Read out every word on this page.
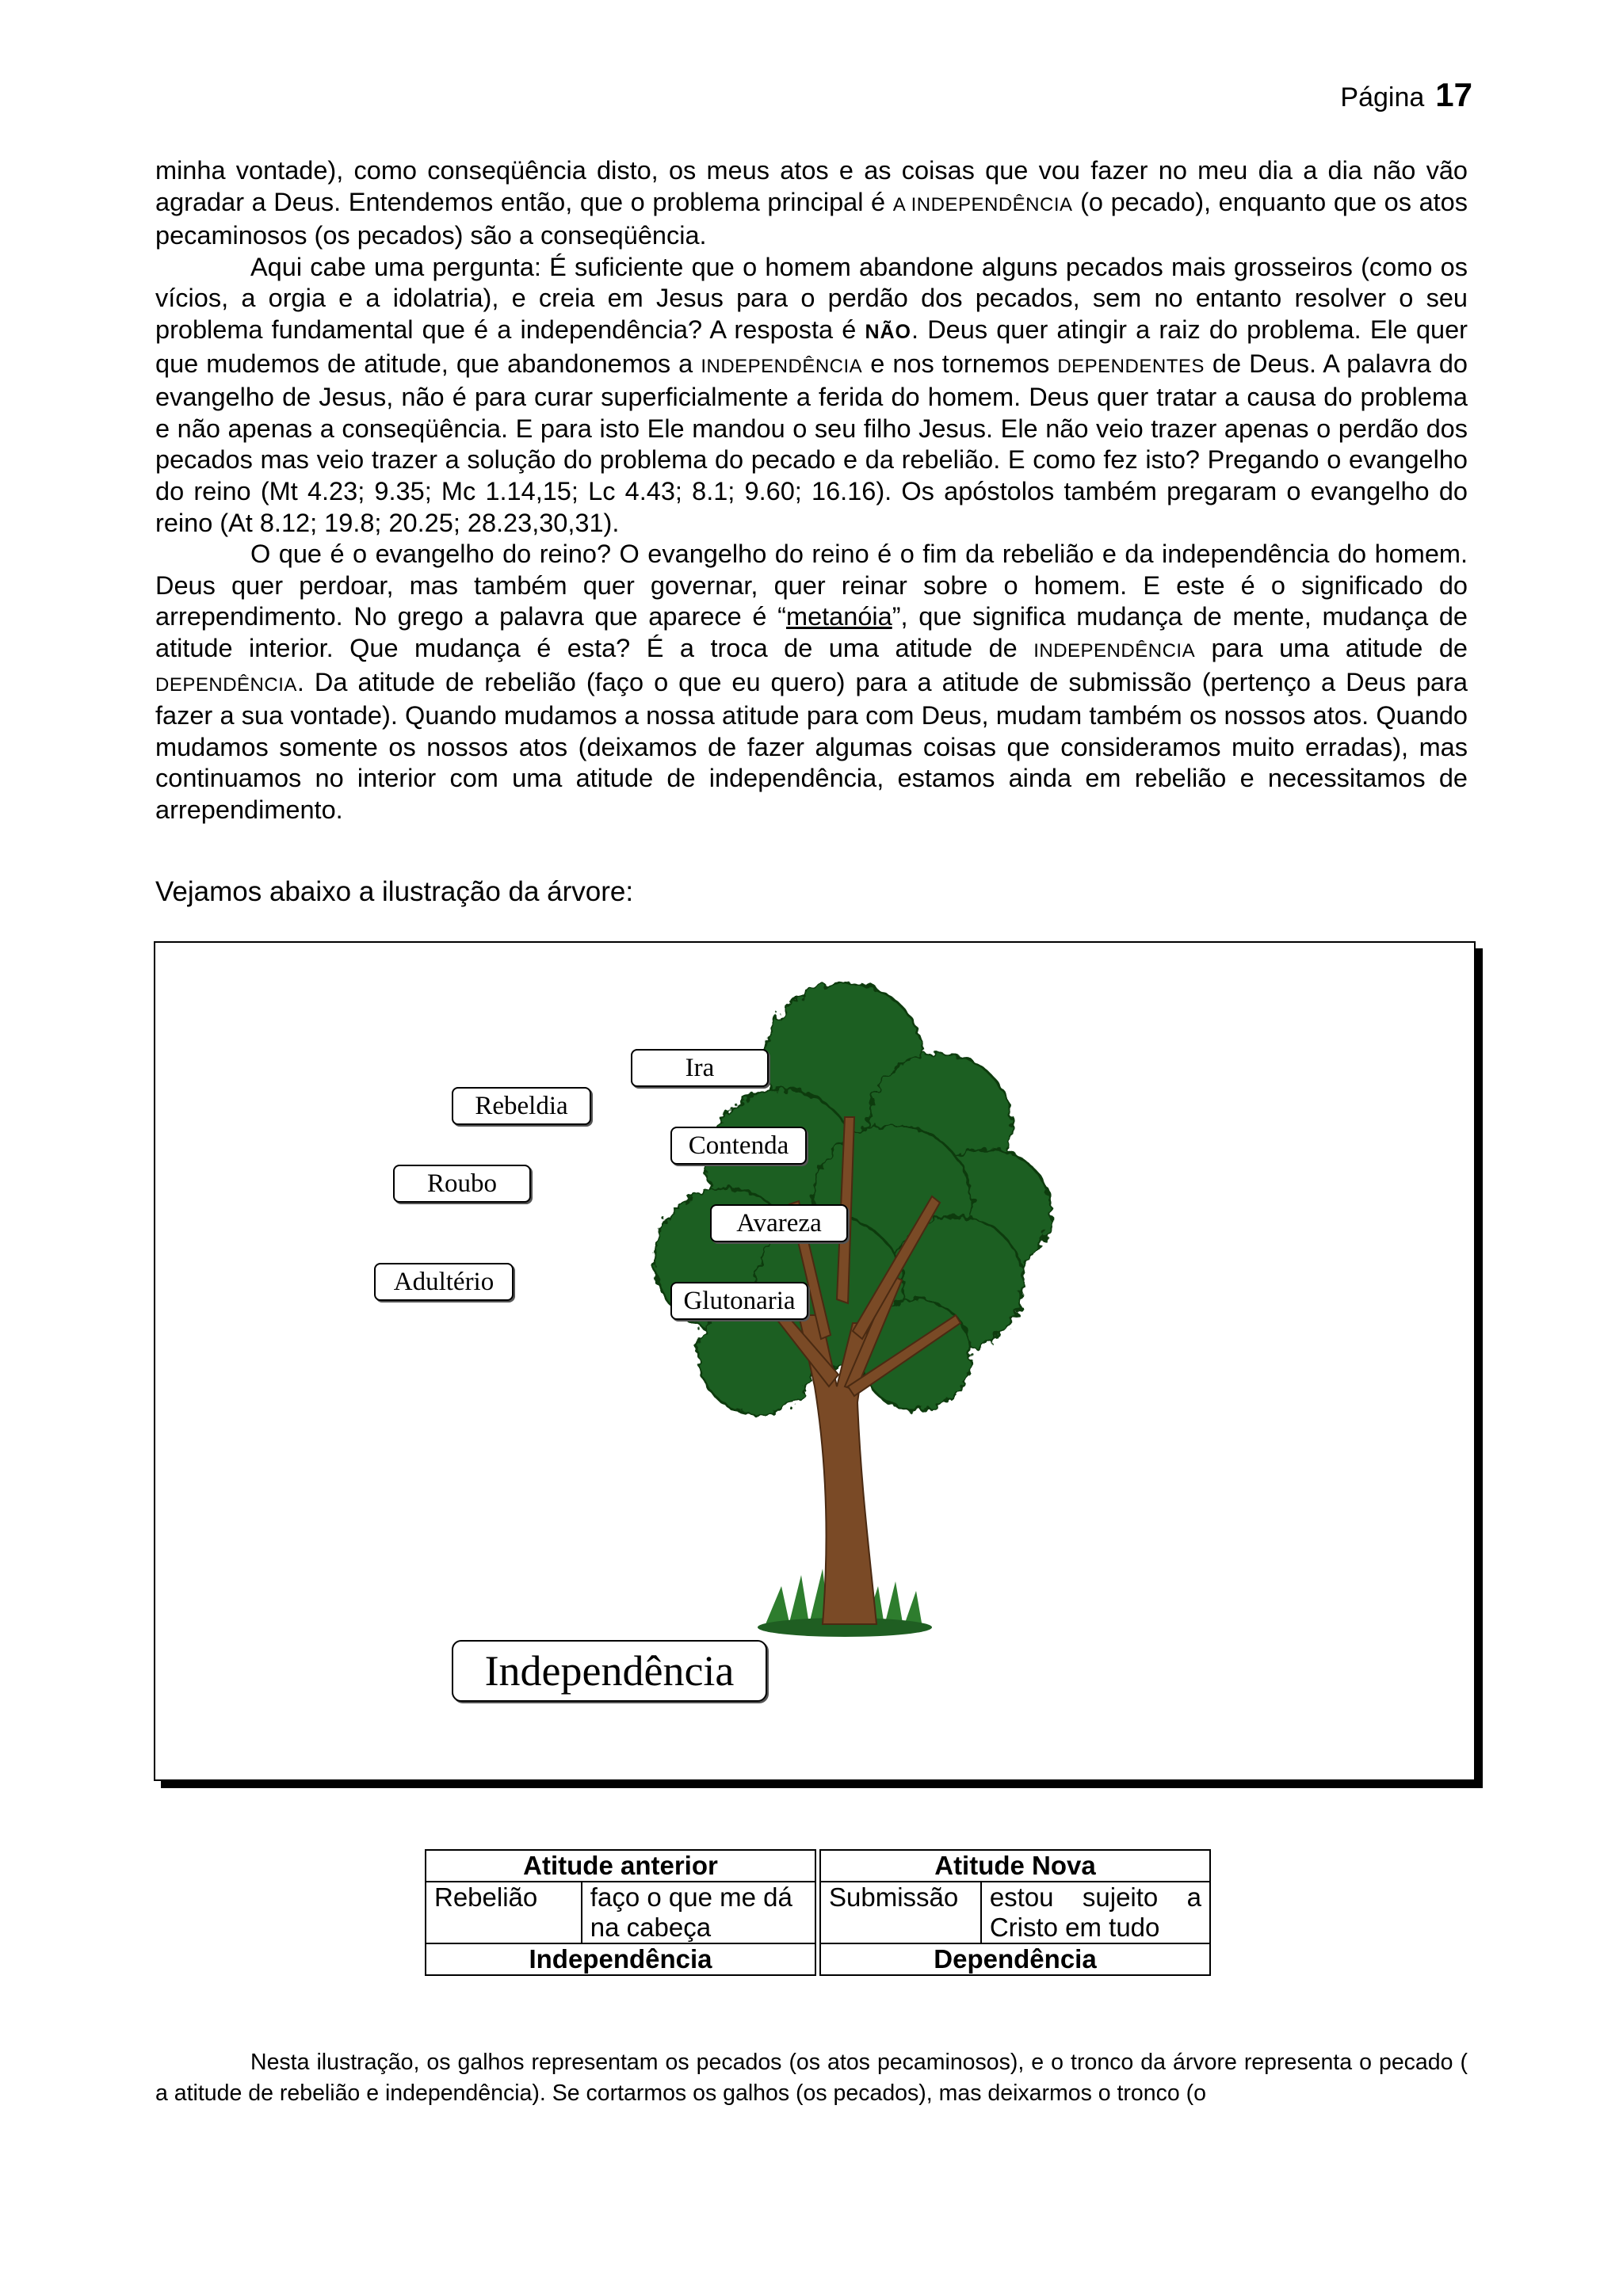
Página 17

minha vontade), como conseqüência disto, os meus atos e as coisas que vou fazer no meu dia a dia não vão agradar a Deus. Entendemos então, que o problema principal é A INDEPENDÊNCIA (o pecado), enquanto que os atos pecaminosos (os pecados) são a conseqüência.

Aqui cabe uma pergunta: É suficiente que o homem abandone alguns pecados mais grosseiros (como os vícios, a orgia e a idolatria), e creia em Jesus para o perdão dos pecados, sem no entanto resolver o seu problema fundamental que é a independência? A resposta é NÃO. Deus quer atingir a raiz do problema. Ele quer que mudemos de atitude, que abandonemos a INDEPENDÊNCIA e nos tornemos DEPENDENTES de Deus. A palavra do evangelho de Jesus, não é para curar superficialmente a ferida do homem. Deus quer tratar a causa do problema e não apenas a conseqüência. E para isto Ele mandou o seu filho Jesus. Ele não veio trazer apenas o perdão dos pecados mas veio trazer a solução do problema do pecado e da rebelião. E como fez isto? Pregando o evangelho do reino (Mt 4.23; 9.35; Mc 1.14,15; Lc 4.43; 8.1; 9.60; 16.16). Os apóstolos também pregaram o evangelho do reino (At 8.12; 19.8; 20.25; 28.23,30,31).

O que é o evangelho do reino? O evangelho do reino é o fim da rebelião e da independência do homem. Deus quer perdoar, mas também quer governar, quer reinar sobre o homem. E este é o significado do arrependimento. No grego a palavra que aparece é “metanóia”, que significa mudança de mente, mudança de atitude interior. Que mudança é esta? É a troca de uma atitude de INDEPENDÊNCIA para uma atitude de DEPENDÊNCIA. Da atitude de rebelião (faço o que eu quero) para a atitude de submissão (pertenço a Deus para fazer a sua vontade). Quando mudamos a nossa atitude para com Deus, mudam também os nossos atos. Quando mudamos somente os nossos atos (deixamos de fazer algumas coisas que consideramos muito erradas), mas continuamos no interior com uma atitude de independência, estamos ainda em rebelião e necessitamos de arrependimento.

Vejamos abaixo a ilustração da árvore:
Ira
Rebeldia
Contenda
Roubo
Avareza
Adultério
Glutonaria
Independência
Atitude anterior			Atitude Nova	
Rebelião	faço o que me dá na cabeça		Submissão	estou sujeito a Cristo em tudo
Independência			Dependência	

Nesta ilustração, os galhos representam os pecados (os atos pecaminosos), e o tronco da árvore representa o pecado ( a atitude de rebelião e independência). Se cortarmos os galhos (os pecados), mas deixarmos o tronco (o
